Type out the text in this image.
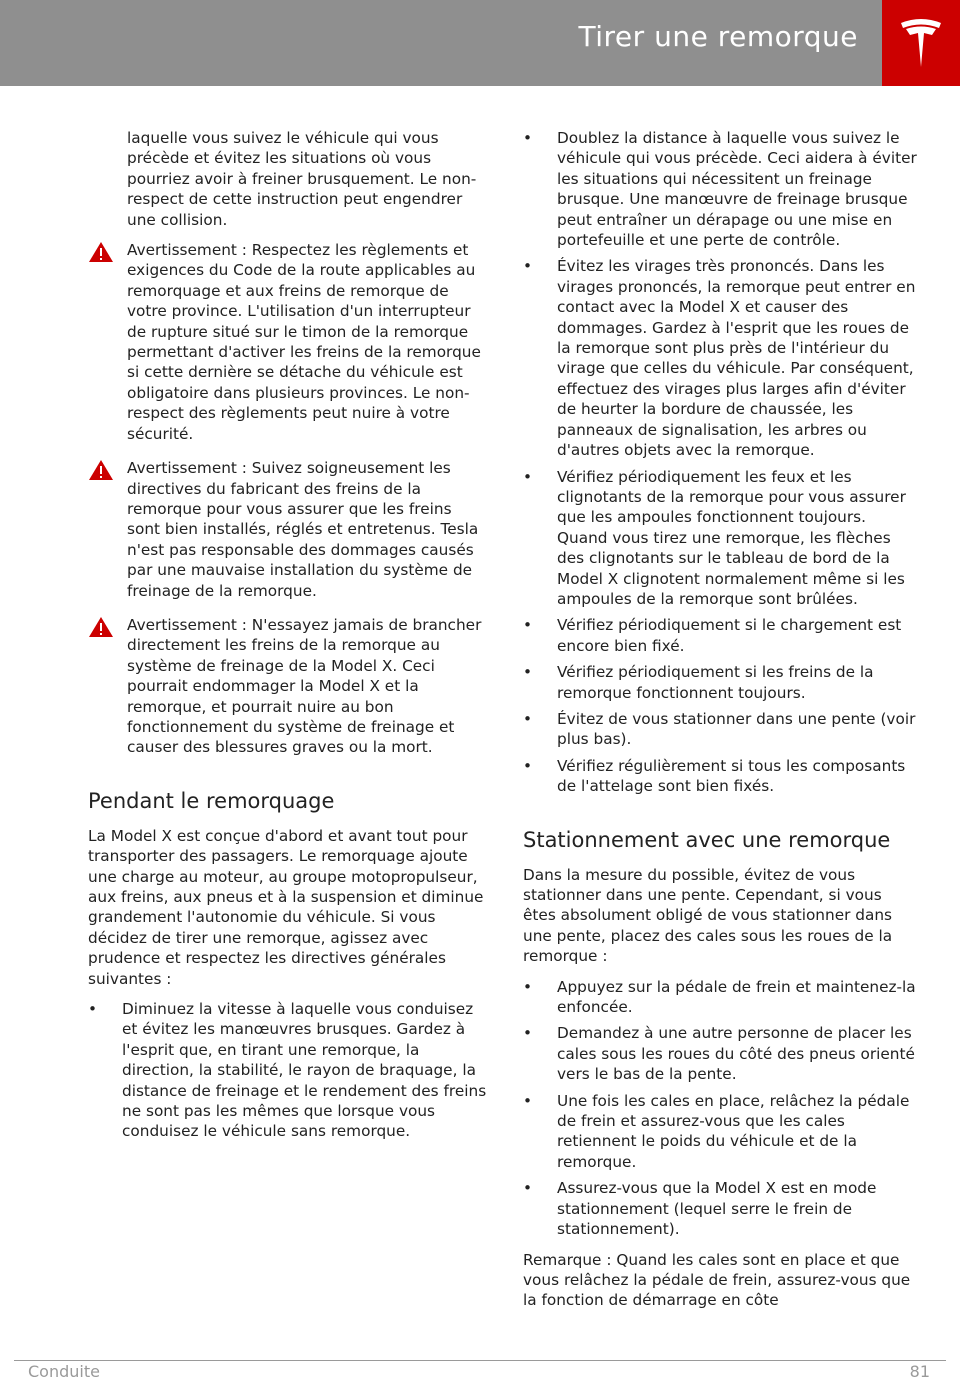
Tirer une remorque

laquelle vous suivez le véhicule qui vous précède et évitez les situations où vous pourriez avoir à freiner brusquement. Le non-respect de cette instruction peut engendrer une collision.

Avertissement : Respectez les règlements et exigences du Code de la route applicables au remorquage et aux freins de remorque de votre province. L'utilisation d'un interrupteur de rupture situé sur le timon de la remorque permettant d'activer les freins de la remorque si cette dernière se détache du véhicule est obligatoire dans plusieurs provinces. Le non-respect des règlements peut nuire à votre sécurité.
Avertissement : Suivez soigneusement les directives du fabricant des freins de la remorque pour vous assurer que les freins sont bien installés, réglés et entretenus. Tesla n'est pas responsable des dommages causés par une mauvaise installation du système de freinage de la remorque.
Avertissement : N'essayez jamais de brancher directement les freins de la remorque au système de freinage de la Model X. Ceci pourrait endommager la Model X et la remorque, et pourrait nuire au bon fonctionnement du système de freinage et causer des blessures graves ou la mort.
Pendant le remorquage

La Model X est conçue d'abord et avant tout pour transporter des passagers. Le remorquage ajoute une charge au moteur, au groupe motopropulseur, aux freins, aux pneus et à la suspension et diminue grandement l'autonomie du véhicule. Si vous décidez de tirer une remorque, agissez avec prudence et respectez les directives générales suivantes :

• Diminuez la vitesse à laquelle vous conduisez et évitez les manœuvres brusques. Gardez à l'esprit que, en tirant une remorque, la direction, la stabilité, le rayon de braquage, la distance de freinage et le rendement des freins ne sont pas les mêmes que lorsque vous conduisez le véhicule sans remorque.
• Doublez la distance à laquelle vous suivez le véhicule qui vous précède. Ceci aidera à éviter les situations qui nécessitent un freinage brusque. Une manœuvre de freinage brusque peut entraîner un dérapage ou une mise en portefeuille et une perte de contrôle.
• Évitez les virages très prononcés. Dans les virages prononcés, la remorque peut entrer en contact avec la Model X et causer des dommages. Gardez à l'esprit que les roues de la remorque sont plus près de l'intérieur du virage que celles du véhicule. Par conséquent, effectuez des virages plus larges afin d'éviter de heurter la bordure de chaussée, les panneaux de signalisation, les arbres ou d'autres objets avec la remorque.
• Vérifiez périodiquement les feux et les clignotants de la remorque pour vous assurer que les ampoules fonctionnent toujours. Quand vous tirez une remorque, les flèches des clignotants sur le tableau de bord de la Model X clignotent normalement même si les ampoules de la remorque sont brûlées.
• Vérifiez périodiquement si le chargement est encore bien fixé.
• Vérifiez périodiquement si les freins de la remorque fonctionnent toujours.
• Évitez de vous stationner dans une pente (voir plus bas).
• Vérifiez régulièrement si tous les composants de l'attelage sont bien fixés.
Stationnement avec une remorque

Dans la mesure du possible, évitez de vous stationner dans une pente. Cependant, si vous êtes absolument obligé de vous stationner dans une pente, placez des cales sous les roues de la remorque :

• Appuyez sur la pédale de frein et maintenez-la enfoncée.
• Demandez à une autre personne de placer les cales sous les roues du côté des pneus orienté vers le bas de la pente.
• Une fois les cales en place, relâchez la pédale de frein et assurez-vous que les cales retiennent le poids du véhicule et de la remorque.
• Assurez-vous que la Model X est en mode stationnement (lequel serre le frein de stationnement).

Remarque : Quand les cales sont en place et que vous relâchez la pédale de frein, assurez-vous que la fonction de démarrage en côte

Conduite	81
